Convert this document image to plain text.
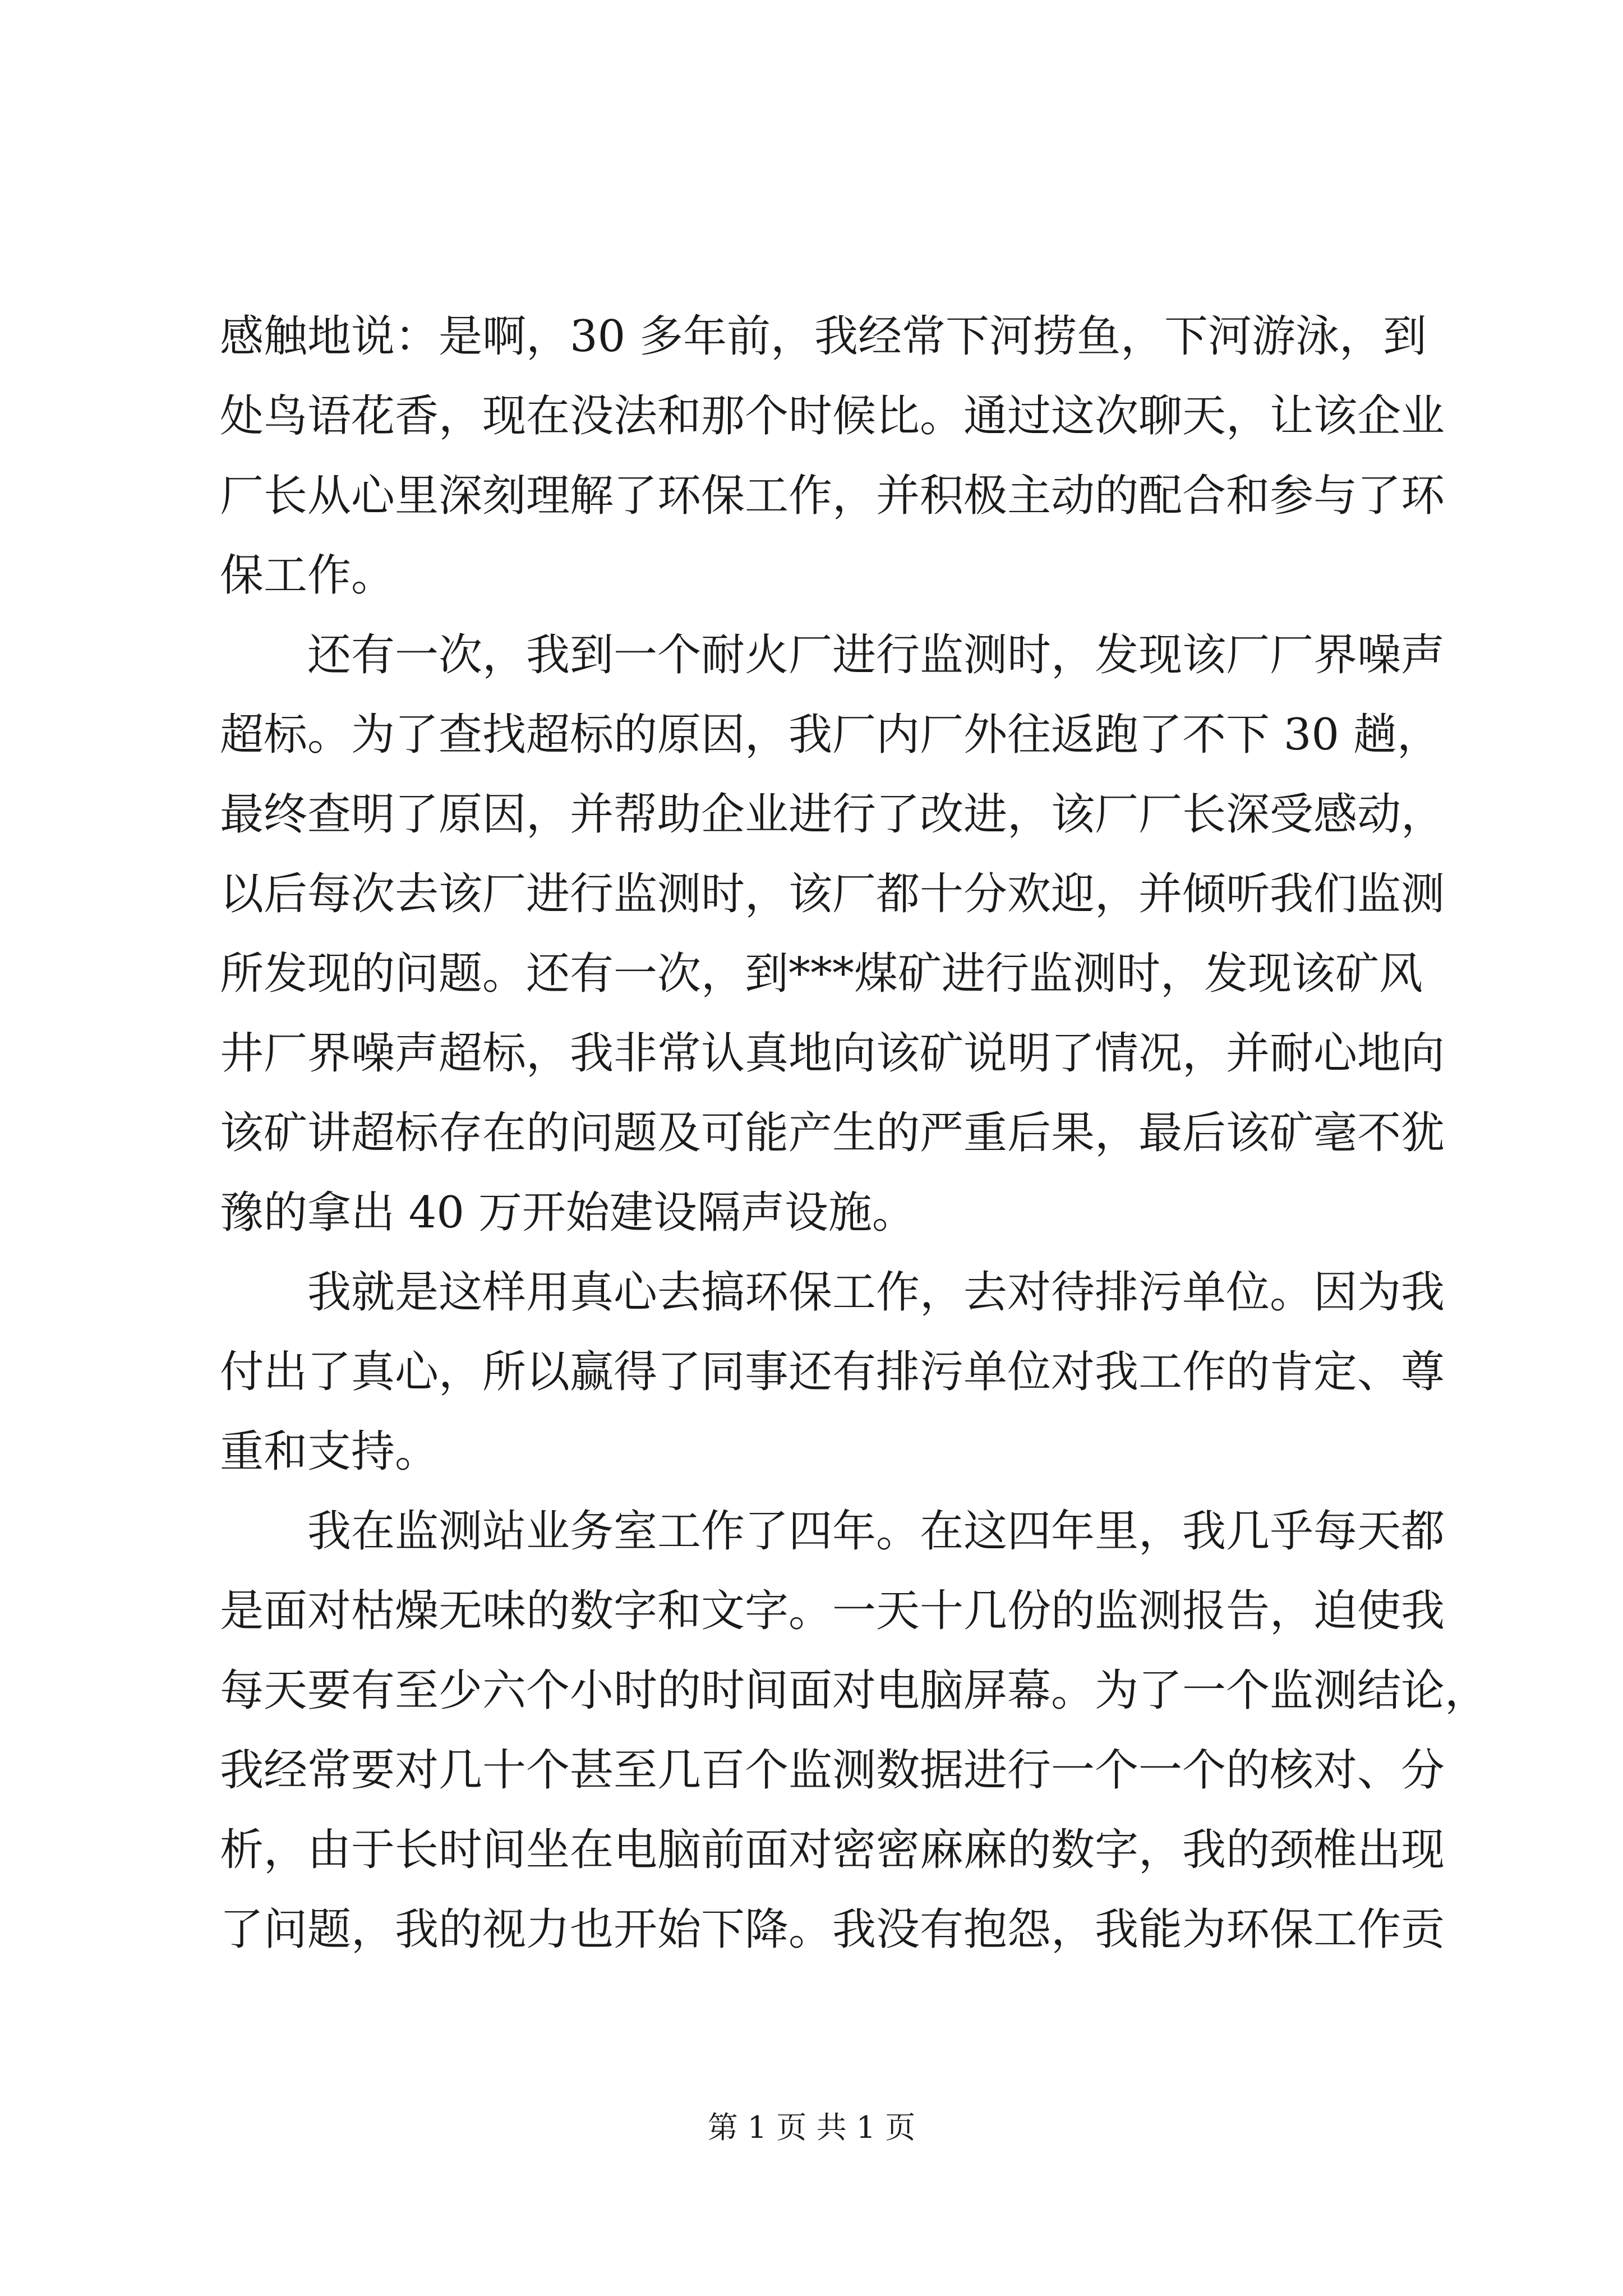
感触地说：是啊，30 多年前，我经常下河捞鱼，下河游泳，到
处鸟语花香，现在没法和那个时候比。通过这次聊天，让该企业
厂长从心里深刻理解了环保工作，并积极主动的配合和参与了环
保工作。
　　还有一次，我到一个耐火厂进行监测时，发现该厂厂界噪声
超标。为了查找超标的原因，我厂内厂外往返跑了不下 30 趟，
最终查明了原因，并帮助企业进行了改进，该厂厂长深受感动，
以后每次去该厂进行监测时，该厂都十分欢迎，并倾听我们监测
所发现的问题。还有一次，到***煤矿进行监测时，发现该矿风
井厂界噪声超标，我非常认真地向该矿说明了情况，并耐心地向
该矿讲超标存在的问题及可能产生的严重后果，最后该矿毫不犹
豫的拿出 40 万开始建设隔声设施。
　　我就是这样用真心去搞环保工作，去对待排污单位。因为我
付出了真心，所以赢得了同事还有排污单位对我工作的肯定、尊
重和支持。
　　我在监测站业务室工作了四年。在这四年里，我几乎每天都
是面对枯燥无味的数字和文字。一天十几份的监测报告，迫使我
每天要有至少六个小时的时间面对电脑屏幕。为了一个监测结论，
我经常要对几十个甚至几百个监测数据进行一个一个的核对、分
析，由于长时间坐在电脑前面对密密麻麻的数字，我的颈椎出现
了问题，我的视力也开始下降。我没有抱怨，我能为环保工作贡
第 1 页 共 1 页
